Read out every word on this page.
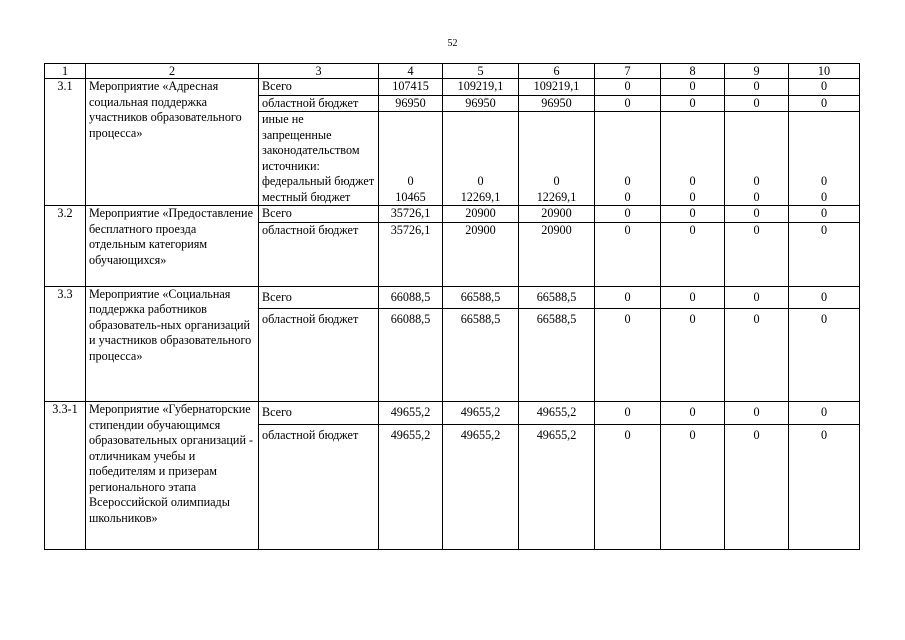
52
1	2	3	4	5	6	7	8	9	10
3.1	Мероприятие «Адресная социальная поддержка участников образовательного процесса»	Всего	107415	109219,1	109219,1	0	0	0	0
		областной бюджет	96950	96950	96950	0	0	0	0
		иные не запрещенные законодательством источники:							
		федеральный бюджет	0	0	0	0	0	0	0
		местный бюджет	10465	12269,1	12269,1	0	0	0	0
3.2	Мероприятие «Предоставление бесплатного проезда отдельным категориям обучающихся»	Всего	35726,1	20900	20900	0	0	0	0
		областной бюджет	35726,1	20900	20900	0	0	0	0
3.3	Мероприятие «Социальная поддержка работников образователь-ных организаций и участников образовательного процесса»	Всего	66088,5	66588,5	66588,5	0	0	0	0
		областной бюджет	66088,5	66588,5	66588,5	0	0	0	0
3.3-1	Мероприятие «Губернаторские стипендии обучающимся образовательных организаций - отличникам учебы и победителям и призерам регионального этапа Всероссийской олимпиады школьников»	Всего	49655,2	49655,2	49655,2	0	0	0	0
		областной бюджет	49655,2	49655,2	49655,2	0	0	0	0
